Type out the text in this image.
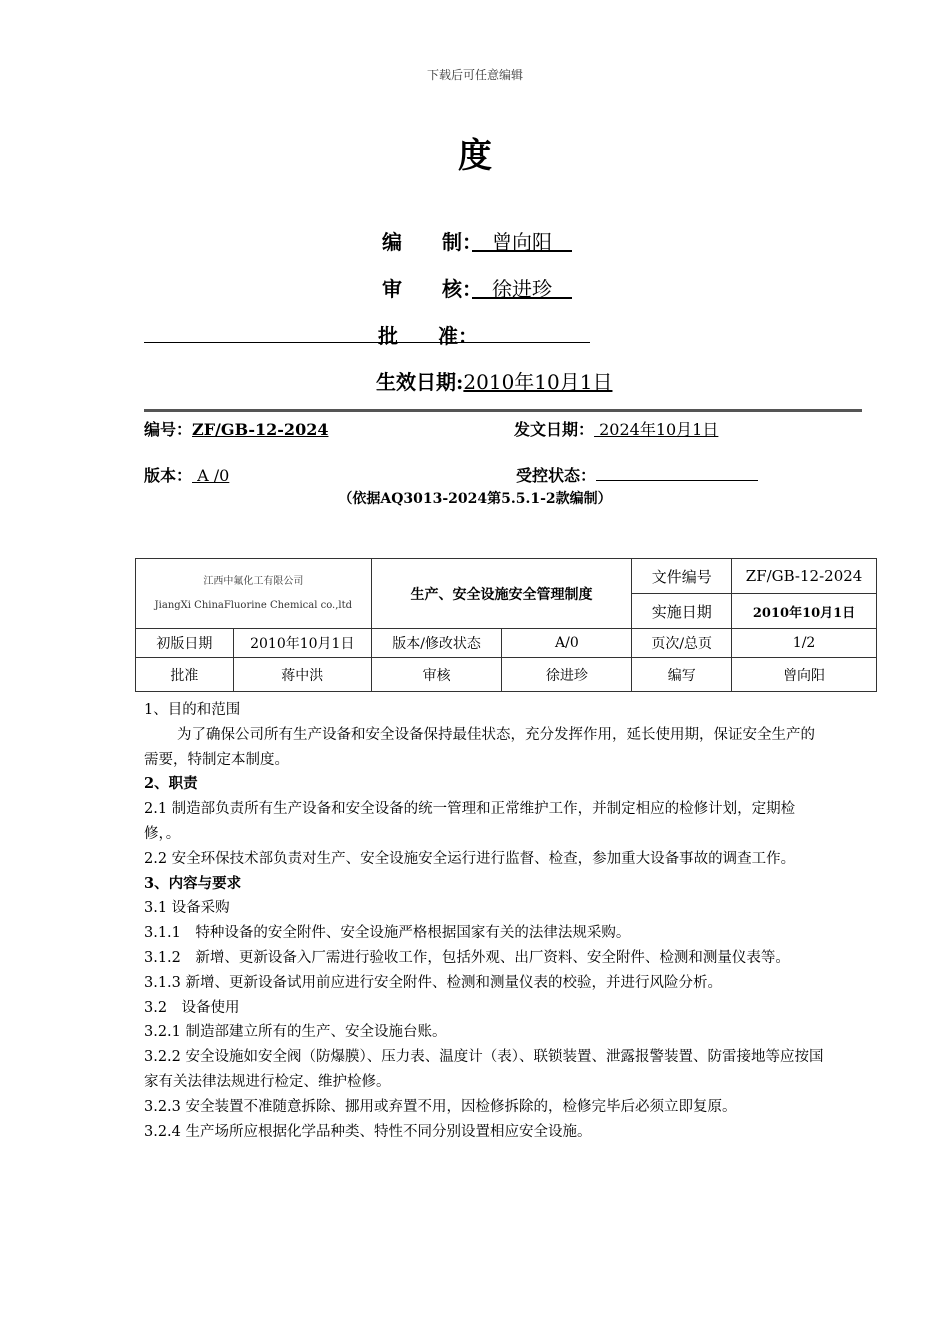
下载后可任意编辑
度
编　　制：　曾向阳　
审　　核：　徐进珍　
批　　准：
生效日期:2010年10月1日
编号：ZF/GB-12-2024	发文日期： 2024年10月1日
版本： A /0	受控状态：
（依据AQ3013-2024第5.5.1-2款编制）
江西中氟化工有限公司
JiangXi ChinaFluorine Chemical co.,ltd		生产、安全设施安全管理制度		文件编号	ZF/GB-12-2024
				实施日期	2010年10月1日
初版日期	2010年10月1日	版本/修改状态	A/0	页次/总页	1/2
批准	蒋中洪	审核	徐进珍	编写	曾向阳

1、目的和范围

为了确保公司所有生产设备和安全设备保持最佳状态，充分发挥作用，延长使用期，保证安全生产的需要，特制定本制度。

2、职责

2.1 制造部负责所有生产设备和安全设备的统一管理和正常维护工作，并制定相应的检修计划，定期检修，。

2.2 安全环保技术部负责对生产、安全设施安全运行进行监督、检查，参加重大设备事故的调查工作。

3、内容与要求

3.1 设备采购

3.1.1　特种设备的安全附件、安全设施严格根据国家有关的法律法规采购。

3.1.2　新增、更新设备入厂需进行验收工作，包括外观、出厂资料、安全附件、检测和测量仪表等。

3.1.3 新增、更新设备试用前应进行安全附件、检测和测量仪表的校验，并进行风险分析。

3.2　设备使用

3.2.1 制造部建立所有的生产、安全设施台账。

3.2.2 安全设施如安全阀（防爆膜）、压力表、温度计（表）、联锁装置、泄露报警装置、防雷接地等应按国家有关法律法规进行检定、维护检修。

3.2.3 安全装置不准随意拆除、挪用或弃置不用，因检修拆除的，检修完毕后必须立即复原。

3.2.4 生产场所应根据化学品种类、特性不同分别设置相应安全设施。
